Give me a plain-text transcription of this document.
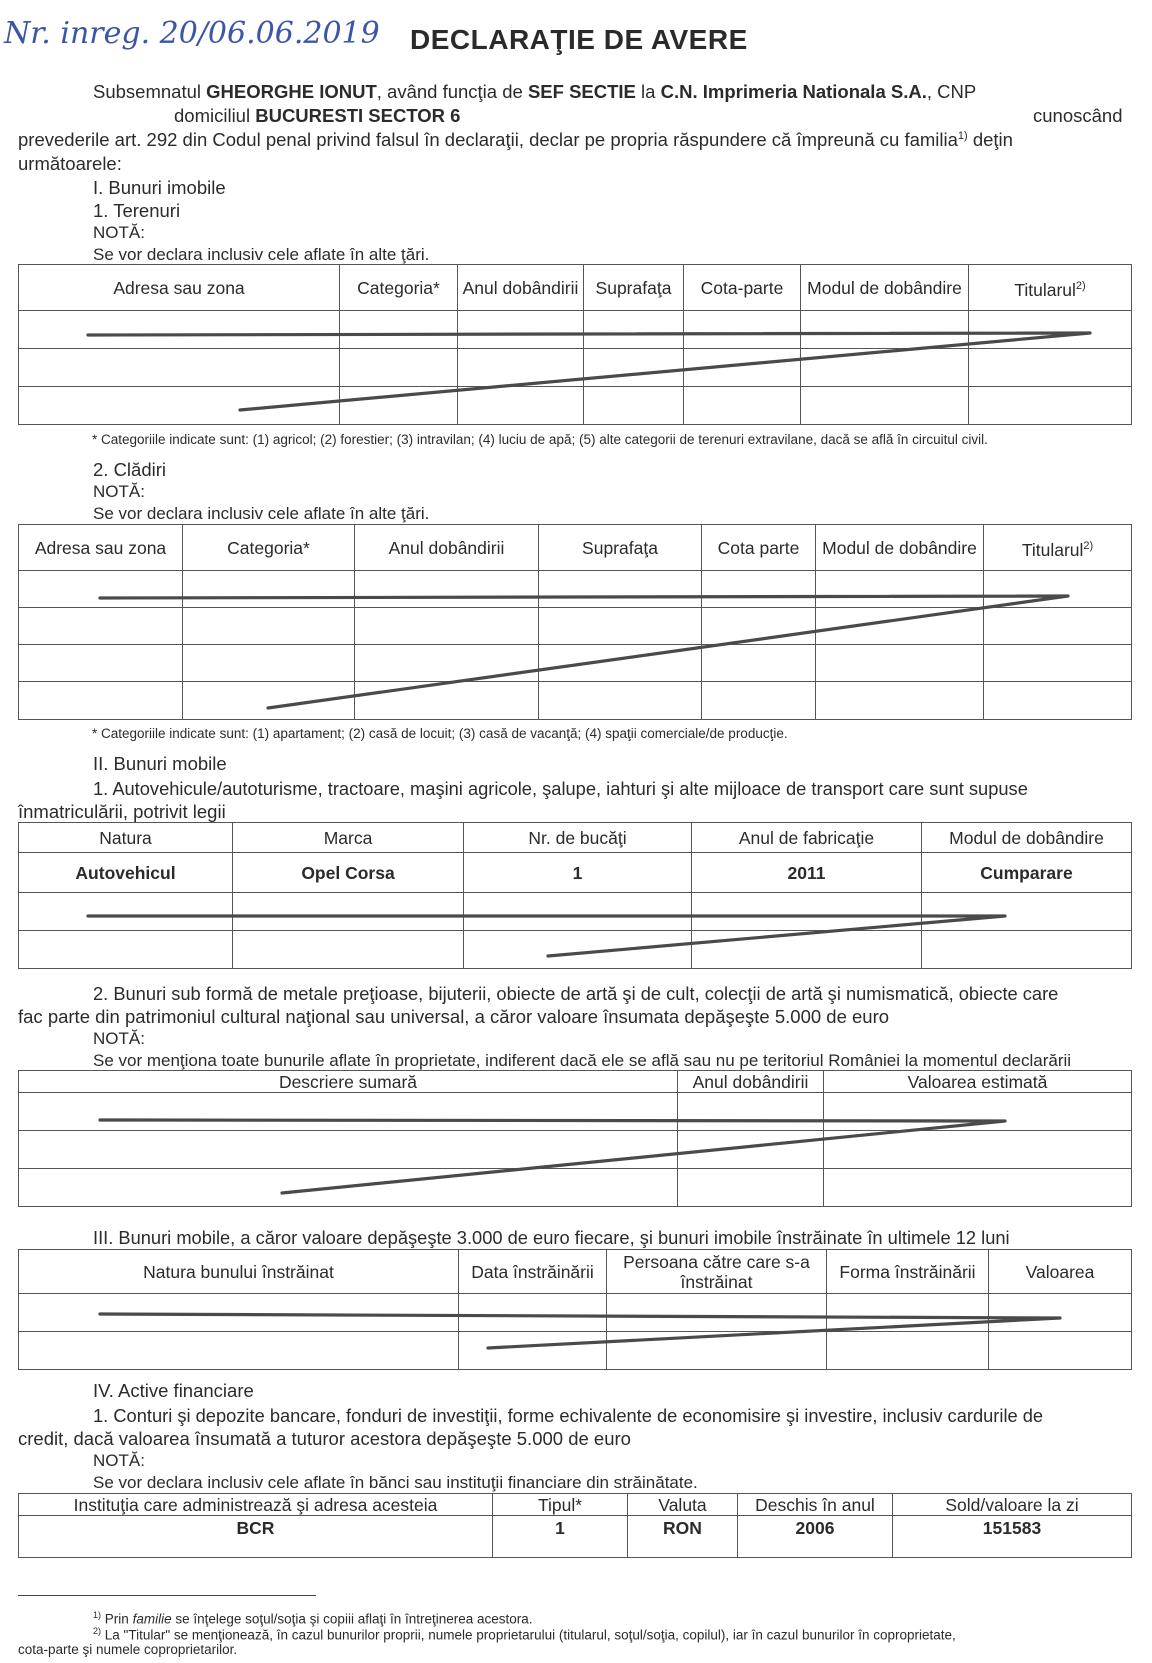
Nr. inreg. 20/06.06.2019 DECLARAŢIE DE AVERE
Subsemnatul GHEORGHE IONUT, având funcţia de SEF SECTIE la C.N. Imprimeria Nationala S.A., CNP
domiciliul BUCURESTI SECTOR 6	cunoscând
prevederile art. 292 din Codul penal privind falsul în declaraţii, declar pe propria răspundere că împreună cu familia$^{1)}$ deţin
următoarele:
I. Bunuri imobile
1. Terenuri
NOTĂ:
Se vor declara inclusiv cele aflate în alte ţări.
Adresa sau zona	Categoria*	Anul dobândirii	Suprafaţa	Cota-parte	Modul de dobândire	Titularul$^{2)}$

* Categoriile indicate sunt: (1) agricol; (2) forestier; (3) intravilan; (4) luciu de apă; (5) alte categorii de terenuri extravilane, dacă se află în circuitul civil.
2. Clădiri
NOTĂ:
Se vor declara inclusiv cele aflate în alte ţări.
Adresa sau zona	Categoria*	Anul dobândirii	Suprafaţa	Cota parte	Modul de dobândire	Titularul$^{2)}$

* Categoriile indicate sunt: (1) apartament; (2) casă de locuit; (3) casă de vacanţă; (4) spaţii comerciale/de producţie.
II. Bunuri mobile
1. Autovehicule/autoturisme, tractoare, maşini agricole, şalupe, iahturi şi alte mijloace de transport care sunt supuse
înmatriculării, potrivit legii
Natura	Marca	Nr. de bucăţi	Anul de fabricaţie	Modul de dobândire
Autovehicul	Opel Corsa	1	2011	Cumparare

2. Bunuri sub formă de metale preţioase, bijuterii, obiecte de artă şi de cult, colecţii de artă şi numismatică, obiecte care
fac parte din patrimoniul cultural naţional sau universal, a căror valoare însumata depăşeşte 5.000 de euro
NOTĂ:
Se vor menţiona toate bunurile aflate în proprietate, indiferent dacă ele se află sau nu pe teritoriul României la momentul declarării
Descriere sumară	Anul dobândirii	Valoarea estimată

III. Bunuri mobile, a căror valoare depăşeşte 3.000 de euro fiecare, şi bunuri imobile înstrăinate în ultimele 12 luni
Natura bunului înstrăinat	Data înstrăinării	Persoana către care s-a înstrăinat	Forma înstrăinării	Valoarea

IV. Active financiare
1. Conturi şi depozite bancare, fonduri de investiţii, forme echivalente de economisire şi investire, inclusiv cardurile de
credit, dacă valoarea însumată a tuturor acestora depăşeşte 5.000 de euro
NOTĂ:
Se vor declara inclusiv cele aflate în bănci sau instituţii financiare din străinătate.
Instituţia care administrează şi adresa acesteia	Tipul*	Valuta	Deschis în anul	Sold/valoare la zi
BCR	1	RON	2006	151583
$^{1)}$ Prin familie se înţelege soţul/soţia şi copiii aflaţi în întreţinerea acestora.
$^{2)}$ La "Titular" se menţionează, în cazul bunurilor proprii, numele proprietarului (titularul, soţul/soţia, copilul), iar în cazul bunurilor în coproprietate,
cota-parte şi numele coproprietarilor.
